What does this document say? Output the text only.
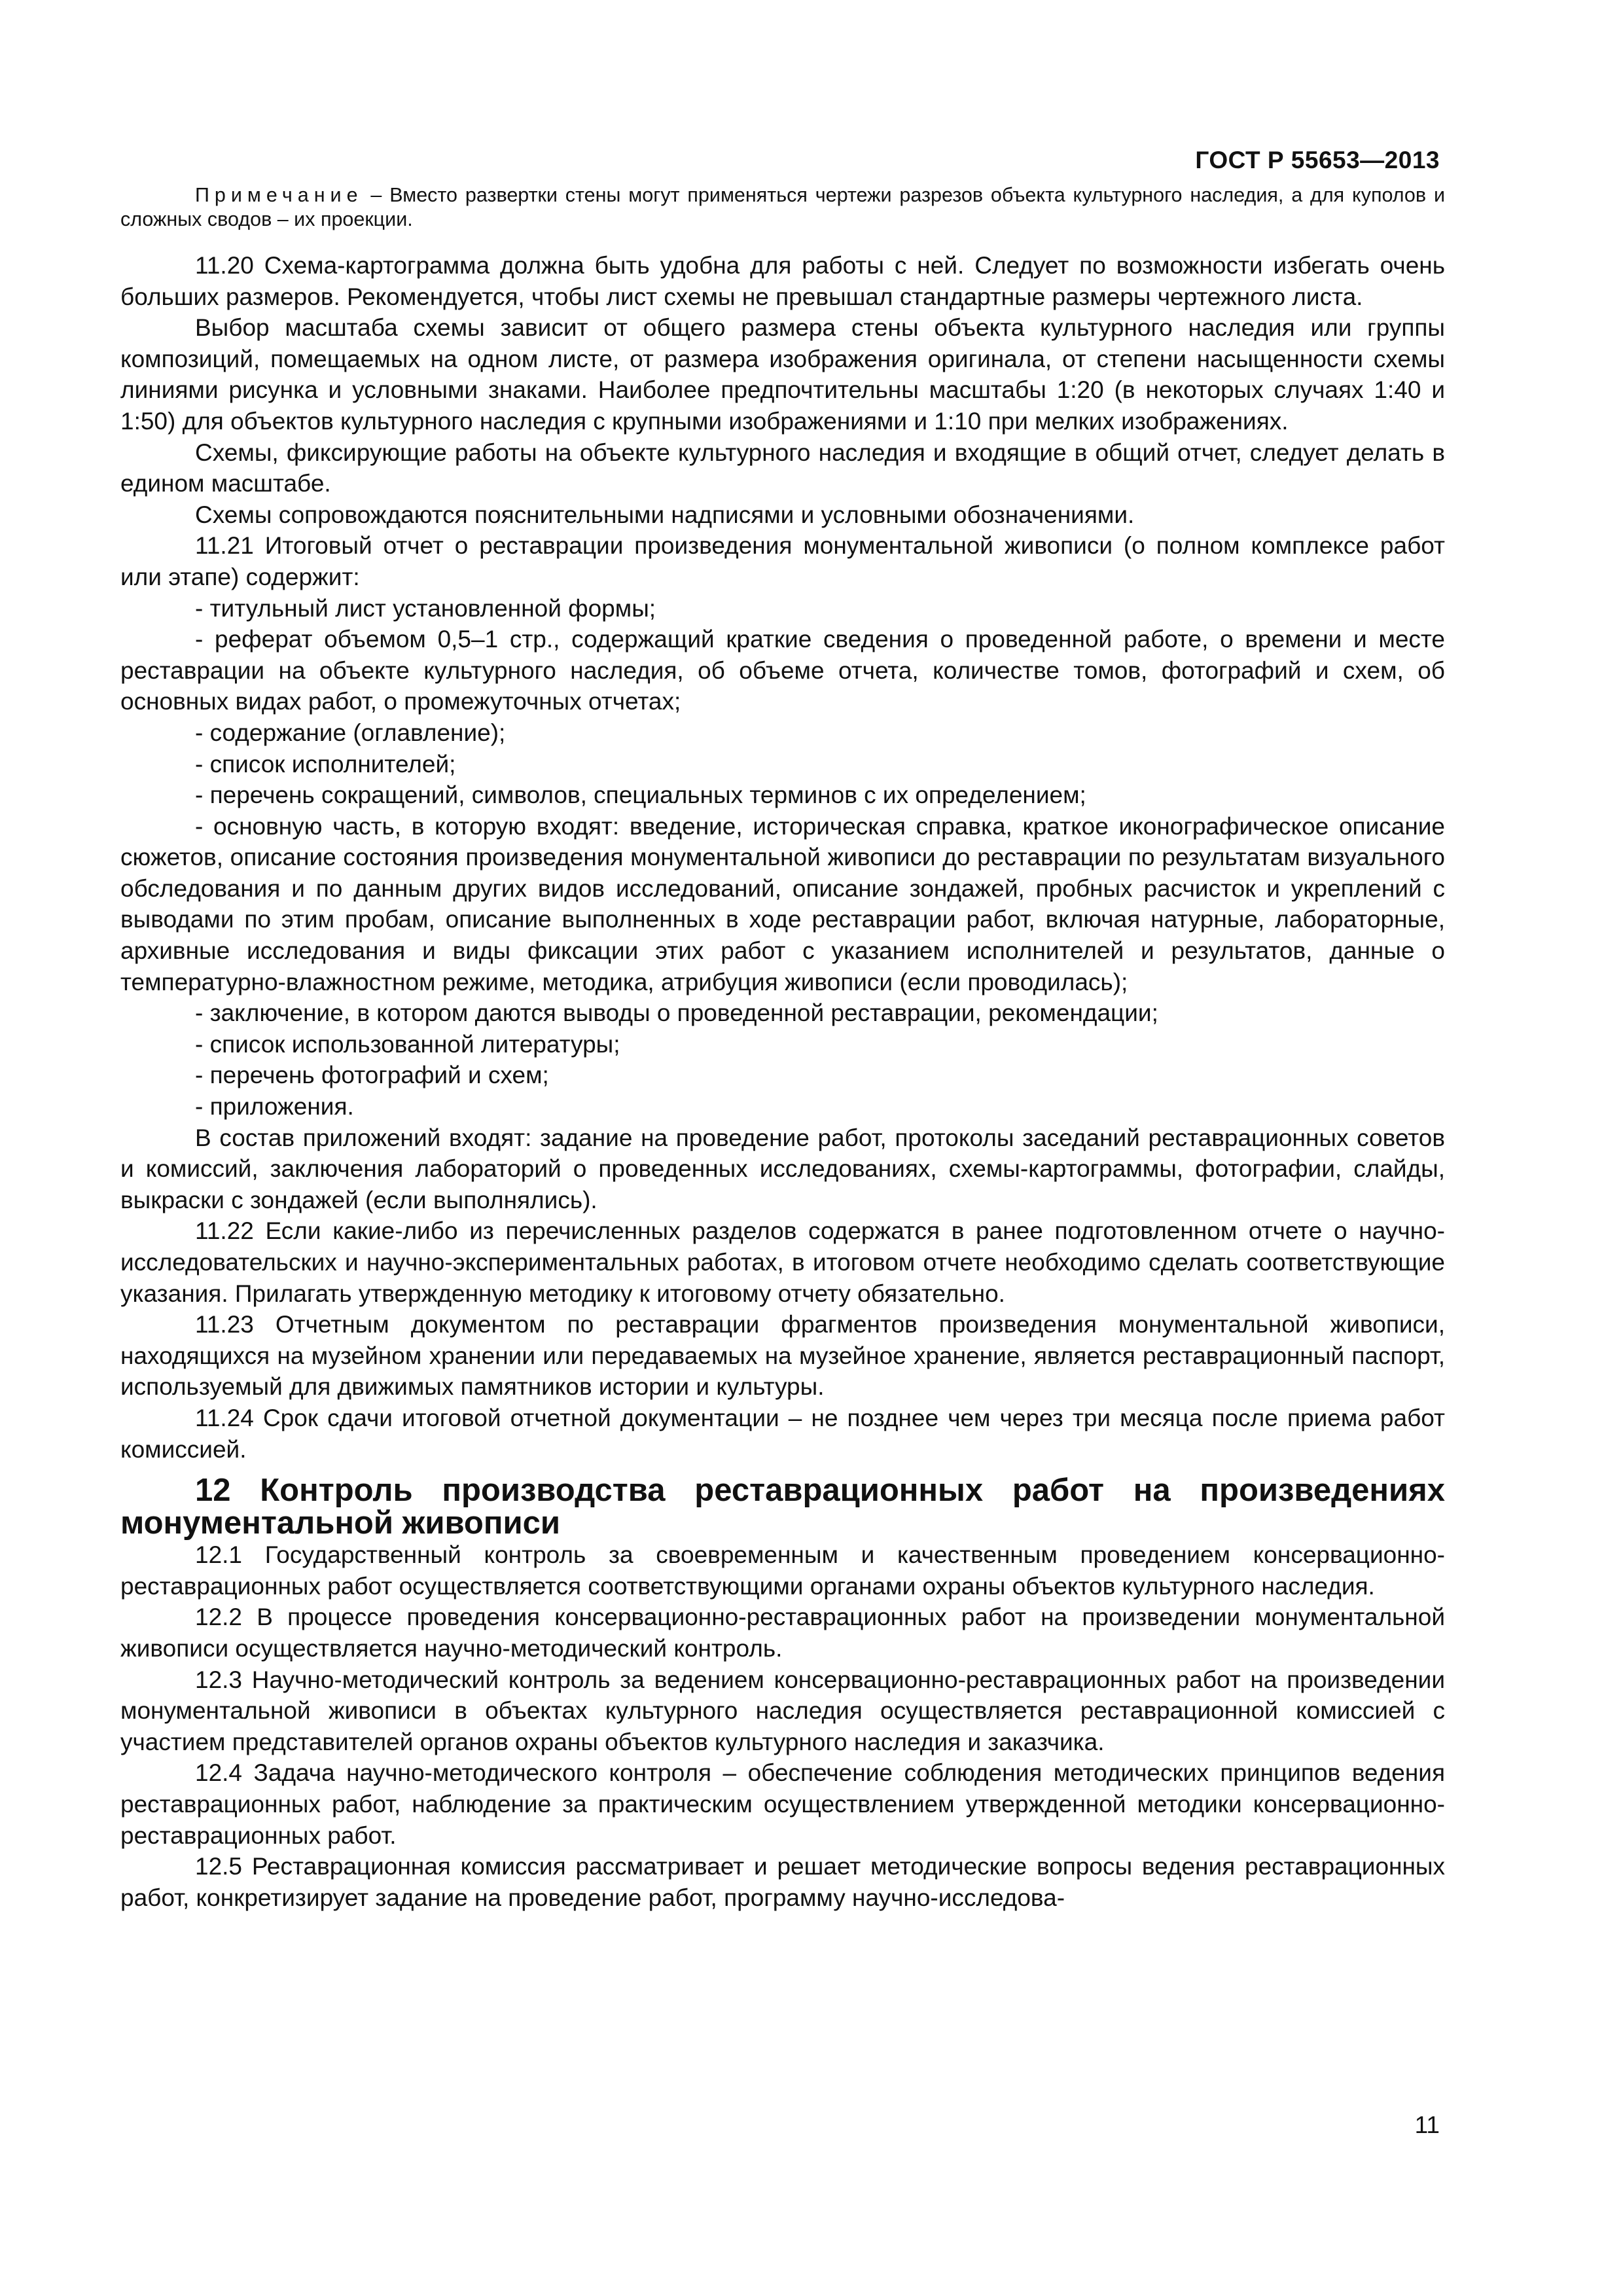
ГОСТ Р 55653—2013

Примечание – Вместо развертки стены могут применяться чертежи разрезов объекта культурного наследия, а для куполов и сложных сводов – их проекции.

11.20 Схема-картограмма должна быть удобна для работы с ней. Следует по возможности избегать очень больших размеров. Рекомендуется, чтобы лист схемы не превышал стандартные размеры чертежного листа.

Выбор масштаба схемы зависит от общего размера стены объекта культурного наследия или группы композиций, помещаемых на одном листе, от размера изображения оригинала, от степени насыщенности схемы линиями рисунка и условными знаками. Наиболее предпочтительны масштабы 1:20 (в некоторых случаях 1:40 и 1:50) для объектов культурного наследия с крупными изображениями и 1:10 при мелких изображениях.

Схемы, фиксирующие работы на объекте культурного наследия и входящие в общий отчет, следует делать в едином масштабе.

Схемы сопровождаются пояснительными надписями и условными обозначениями.

11.21 Итоговый отчет о реставрации произведения монументальной живописи (о полном комплексе работ или этапе) содержит:

- титульный лист установленной формы;

- реферат объемом 0,5–1 стр., содержащий краткие сведения о проведенной работе, о времени и месте реставрации на объекте культурного наследия, об объеме отчета, количестве томов, фотографий и схем, об основных видах работ, о промежуточных отчетах;

- содержание (оглавление);

- список исполнителей;

- перечень сокращений, символов, специальных терминов с их определением;

- основную часть, в которую входят: введение, историческая справка, краткое иконографическое описание сюжетов, описание состояния произведения монументальной живописи до реставрации по результатам визуального обследования и по данным других видов исследований, описание зондажей, пробных расчисток и укреплений с выводами по этим пробам, описание выполненных в ходе реставрации работ, включая натурные, лабораторные, архивные исследования и виды фиксации этих работ с указанием исполнителей и результатов, данные о температурно-влажностном режиме, методика, атрибуция живописи (если проводилась);

- заключение, в котором даются выводы о проведенной реставрации, рекомендации;

- список использованной литературы;

- перечень фотографий и схем;

- приложения.

В состав приложений входят: задание на проведение работ, протоколы заседаний реставрационных советов и комиссий, заключения лабораторий о проведенных исследованиях, схемы-картограммы, фотографии, слайды, выкраски с зондажей (если выполнялись).

11.22 Если какие-либо из перечисленных разделов содержатся в ранее подготовленном отчете о научно-исследовательских и научно-экспериментальных работах, в итоговом отчете необходимо сделать соответствующие указания. Прилагать утвержденную методику к итоговому отчету обязательно.

11.23 Отчетным документом по реставрации фрагментов произведения монументальной живописи, находящихся на музейном хранении или передаваемых на музейное хранение, является реставрационный паспорт, используемый для движимых памятников истории и культуры.

11.24 Срок сдачи итоговой отчетной документации – не позднее чем через три месяца после приема работ комиссией.

12 Контроль производства реставрационных работ на произведениях монументальной живописи

12.1 Государственный контроль за своевременным и качественным проведением консервационно-реставрационных работ осуществляется соответствующими органами охраны объектов культурного наследия.

12.2 В процессе проведения консервационно-реставрационных работ на произведении монументальной живописи осуществляется научно-методический контроль.

12.3 Научно-методический контроль за ведением консервационно-реставрационных работ на произведении монументальной живописи в объектах культурного наследия осуществляется реставрационной комиссией с участием представителей органов охраны объектов культурного наследия и заказчика.

12.4 Задача научно-методического контроля – обеспечение соблюдения методических принципов ведения реставрационных работ, наблюдение за практическим осуществлением утвержденной методики консервационно-реставрационных работ.

12.5 Реставрационная комиссия рассматривает и решает методические вопросы ведения реставрационных работ, конкретизирует задание на проведение работ, программу научно-исследова-

11
